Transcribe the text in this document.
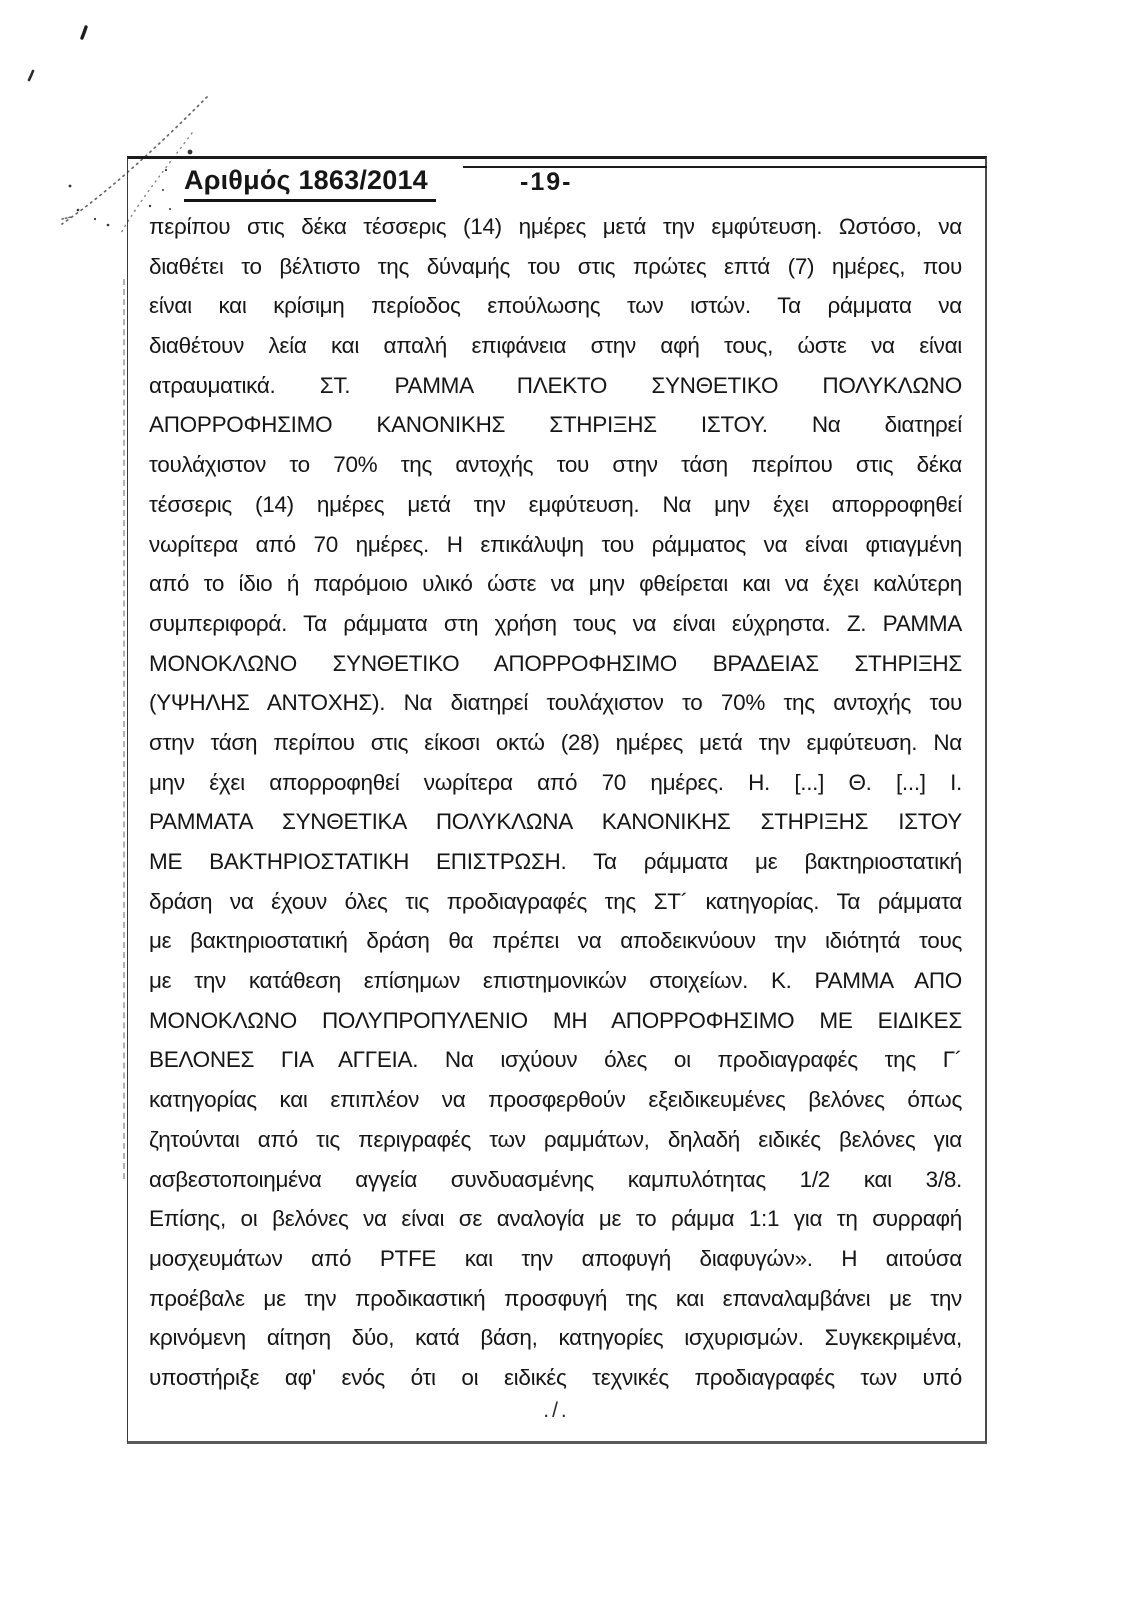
Αριθμός 1863/2014	-19-
περίπου στις δέκα τέσσερις (14) ημέρες μετά την εμφύτευση. Ωστόσο, να
διαθέτει το βέλτιστο της δύναμής του στις πρώτες επτά (7) ημέρες, που
είναι και κρίσιμη περίοδος επούλωσης των ιστών. Τα ράμματα να
διαθέτουν λεία και απαλή επιφάνεια στην αφή τους, ώστε να είναι
ατραυματικά. ΣΤ. ΡΑΜΜΑ ΠΛΕΚΤΟ ΣΥΝΘΕΤΙΚΟ ΠΟΛΥΚΛΩΝΟ
ΑΠΟΡΡΟΦΗΣΙΜΟ ΚΑΝΟΝΙΚΗΣ ΣΤΗΡΙΞΗΣ ΙΣΤΟΥ. Να διατηρεί
τουλάχιστον το 70% της αντοχής του στην τάση περίπου στις δέκα
τέσσερις (14) ημέρες μετά την εμφύτευση. Να μην έχει απορροφηθεί
νωρίτερα από 70 ημέρες. Η επικάλυψη του ράμματος να είναι φτιαγμένη
από το ίδιο ή παρόμοιο υλικό ώστε να μην φθείρεται και να έχει καλύτερη
συμπεριφορά. Τα ράμματα στη χρήση τους να είναι εύχρηστα. Ζ. ΡΑΜΜΑ
ΜΟΝΟΚΛΩΝΟ ΣΥΝΘΕΤΙΚΟ ΑΠΟΡΡΟΦΗΣΙΜΟ ΒΡΑΔΕΙΑΣ ΣΤΗΡΙΞΗΣ
(ΥΨΗΛΗΣ ΑΝΤΟΧΗΣ). Να διατηρεί τουλάχιστον το 70% της αντοχής του
στην τάση περίπου στις είκοσι οκτώ (28) ημέρες μετά την εμφύτευση. Να
μην έχει απορροφηθεί νωρίτερα από 70 ημέρες. Η. [...] Θ. [...] Ι.
ΡΑΜΜΑΤΑ ΣΥΝΘΕΤΙΚΑ ΠΟΛΥΚΛΩΝΑ ΚΑΝΟΝΙΚΗΣ ΣΤΗΡΙΞΗΣ ΙΣΤΟΥ
ΜΕ ΒΑΚΤΗΡΙΟΣΤΑΤΙΚΗ ΕΠΙΣΤΡΩΣΗ. Τα ράμματα με βακτηριοστατική
δράση να έχουν όλες τις προδιαγραφές της ΣΤ´ κατηγορίας. Τα ράμματα
με βακτηριοστατική δράση θα πρέπει να αποδεικνύουν την ιδιότητά τους
με την κατάθεση επίσημων επιστημονικών στοιχείων. Κ. ΡΑΜΜΑ ΑΠΟ
ΜΟΝΟΚΛΩΝΟ ΠΟΛΥΠΡΟΠΥΛΕΝΙΟ ΜΗ ΑΠΟΡΡΟΦΗΣΙΜΟ ΜΕ ΕΙΔΙΚΕΣ
ΒΕΛΟΝΕΣ ΓΙΑ ΑΓΓΕΙΑ. Να ισχύουν όλες οι προδιαγραφές της Γ´
κατηγορίας και επιπλέον να προσφερθούν εξειδικευμένες βελόνες όπως
ζητούνται από τις περιγραφές των ραμμάτων, δηλαδή ειδικές βελόνες για
ασβεστοποιημένα αγγεία συνδυασμένης καμπυλότητας 1/2 και 3/8.
Επίσης, οι βελόνες να είναι σε αναλογία με το ράμμα 1:1 για τη συρραφή
μοσχευμάτων από PTFE και την αποφυγή διαφυγών». Η αιτούσα
προέβαλε με την προδικαστική προσφυγή της και επαναλαμβάνει με την
κρινόμενη αίτηση δύο, κατά βάση, κατηγορίες ισχυρισμών. Συγκεκριμένα,
υποστήριξε αφ' ενός ότι οι ειδικές τεχνικές προδιαγραφές των υπό
./.
